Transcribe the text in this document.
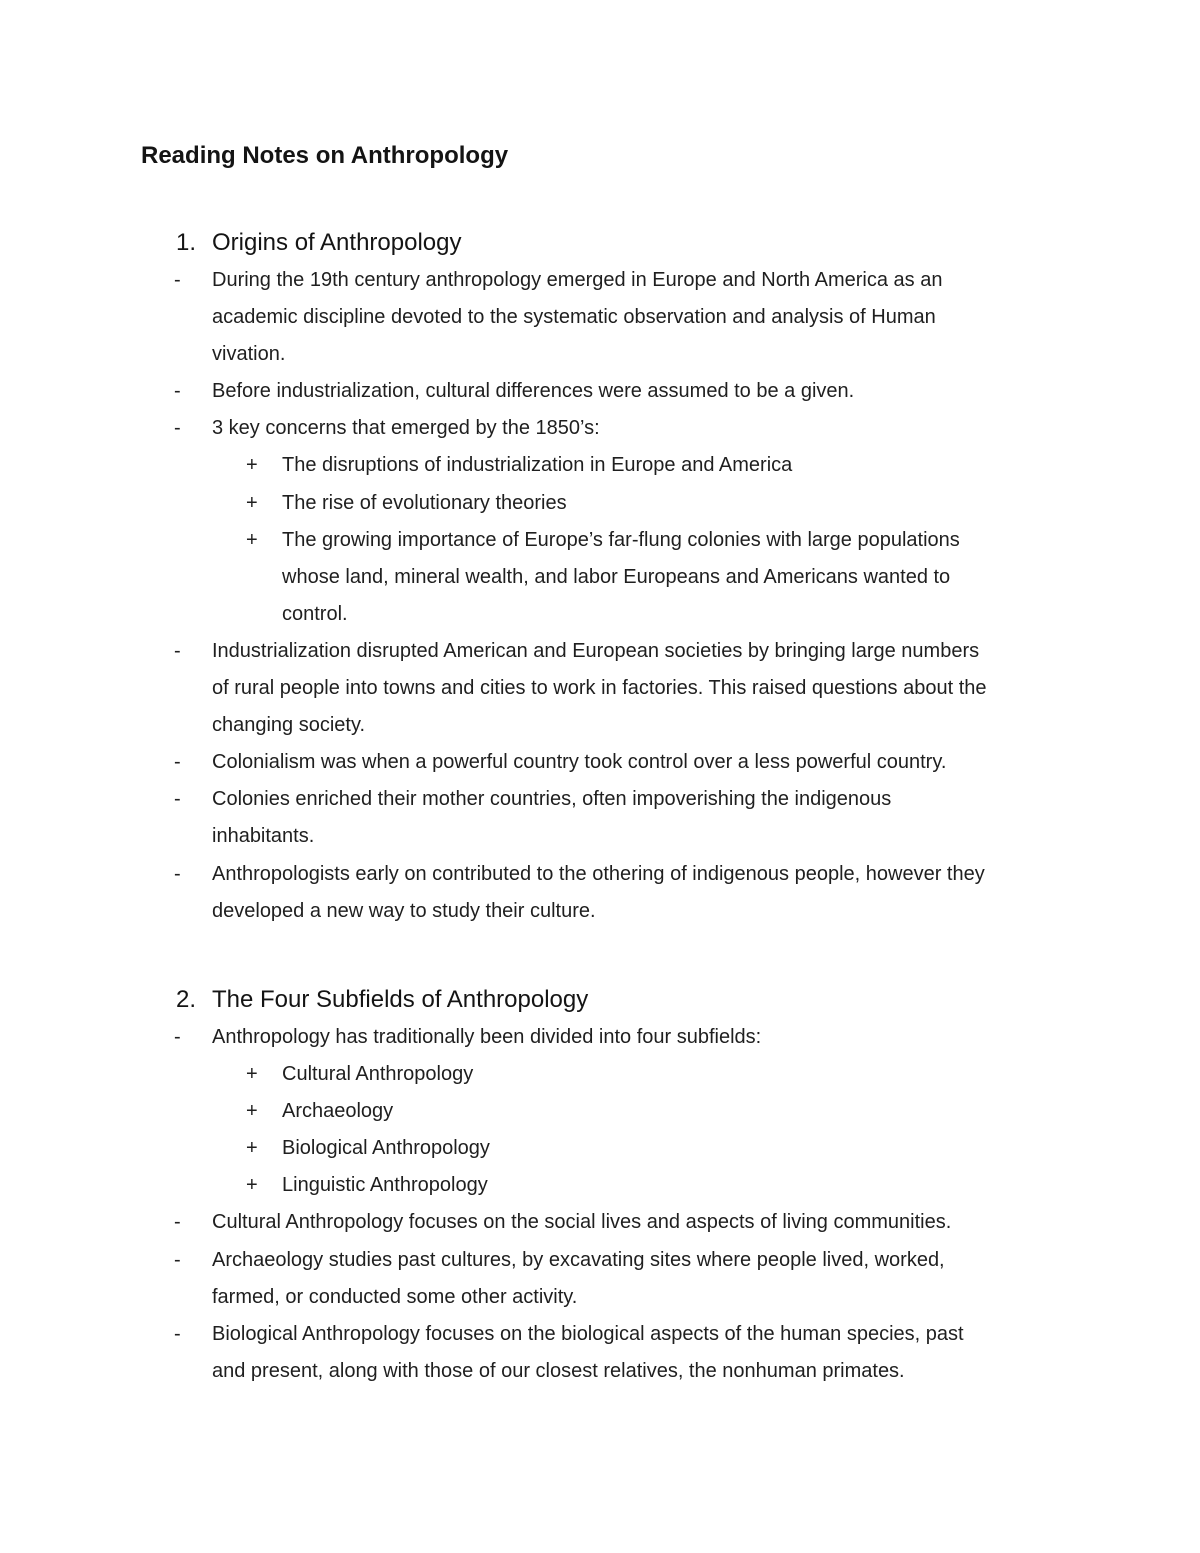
Reading Notes on Anthropology
1. Origins of Anthropology
- During the 19th century anthropology emerged in Europe and North America as an
academic discipline devoted to the systematic observation and analysis of Human
vivation.
- Before industrialization, cultural differences were assumed to be a given.
- 3 key concerns that emerged by the 1850’s:
+ The disruptions of industrialization in Europe and America
+ The rise of evolutionary theories
+ The growing importance of Europe’s far-flung colonies with large populations
whose land, mineral wealth, and labor Europeans and Americans wanted to
control.
- Industrialization disrupted American and European societies by bringing large numbers
of rural people into towns and cities to work in factories. This raised questions about the
changing society.
- Colonialism was when a powerful country took control over a less powerful country.
- Colonies enriched their mother countries, often impoverishing the indigenous
inhabitants.
- Anthropologists early on contributed to the othering of indigenous people, however they
developed a new way to study their culture.
2. The Four Subfields of Anthropology
- Anthropology has traditionally been divided into four subfields:
+ Cultural Anthropology
+ Archaeology
+ Biological Anthropology
+ Linguistic Anthropology
- Cultural Anthropology focuses on the social lives and aspects of living communities.
- Archaeology studies past cultures, by excavating sites where people lived, worked,
farmed, or conducted some other activity.
- Biological Anthropology focuses on the biological aspects of the human species, past
and present, along with those of our closest relatives, the nonhuman primates.
